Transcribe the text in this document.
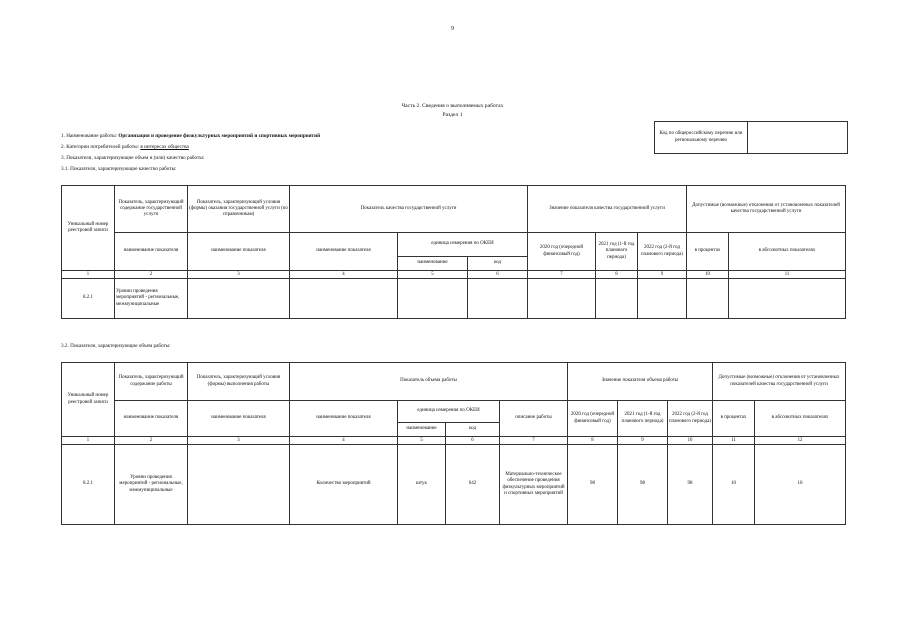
9
Часть 2. Сведения о выполняемых работах
Раздел 1
Код по общероссийскому перечню или региональному перечню	
1. Наименование работы: Организация и проведение физкультурных мероприятий и спортивных мероприятий
2. Категории потребителей работы: в интересах общества
3. Показатели, характеризующие объем и (или) качество работы:
3.1. Показатели, характеризующие качество работы:
Уникальный номер реестровой записи	Показатель, характеризующий содержание государственной услуги	Показатель, характеризующий условия (формы) оказания государственной услуги (по справочникам)	Показатель качества государственной услуги			Значение показателя качества государственной услуги			Допустимые (возможные) отклонения от установленных показателей качества государственной услуги	
	наименование показателя	наименование показателя	наименование показателя	единица измерения по ОКЕИ		2020 год (очередной финансовый год)	2021 год (1-й год планового периода)	2022 год (2-й год планового периода)	в процентах	в абсолютных показателях
				наименование	код					
1	2	3	4	5	6	7	8	9	10	11
8.2.1	Уровни проведения мероприятий - региональные, межмуниципальные									
3.2. Показатели, характеризующие объем работы:
Уникальный номер реестровой записи	Показатель, характеризующий содержание работы	Показатель, характеризующий условия (формы) выполнения работы	Показатель объема работы				Значение показателя объема работы			Допустимые (возможные) отклонения от установленных показателей качества государственной услуги	
	наименование показателя	наименование показателя	наименование показателя	единица измерения по ОКЕИ		описание работы	2020 год (очередной финансовый год)	2021 год (1-й год планового периода)	2022 год (2-й год планового периода)	в процентах	в абсолютных показателях
				наименование	код						
1	2	3	4	5	6	7	8	9	10	11	12
8.2.1	Уровни проведения мероприятий - региональные, межмуниципальные		Количество мероприятий	штук	642	Материально-техническое обеспечение проведения физкультурных мероприятий и спортивных мероприятий	98	98	98	10	10
